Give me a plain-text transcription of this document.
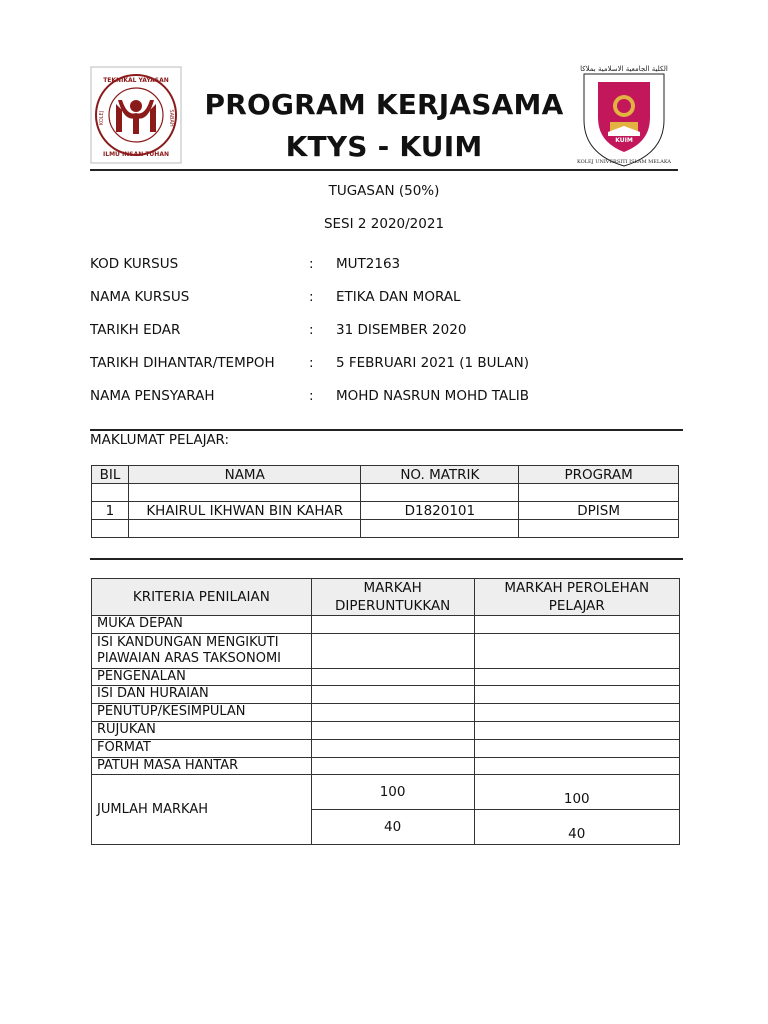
TEKNIKAL YAYASAN
ILMU INSAN TUHAN
KOLEJ	SABAH	PROGRAM KERJASAMA
KTYS - KUIM
الكلية الجامعية الاسلامية بملاكا
KUIM
KOLEJ UNIVERSITI ISLAM MELAKA
TUGASAN (50%)
SESI 2 2020/2021
KOD KURSUS	: MUT2163
NAMA KURSUS	: ETIKA DAN MORAL
TARIKH EDAR	: 31 DISEMBER 2020
TARIKH DIHANTAR/TEMPOH	: 5 FEBRUARI 2021 (1 BULAN)
NAMA PENSYARAH	: MOHD NASRUN MOHD TALIB
MAKLUMAT PELAJAR:
BIL	NAMA	NO. MATRIK	PROGRAM

1	KHAIRUL IKHWAN BIN KAHAR	D1820101	DPISM

KRITERIA PENILAIAN	MARKAH DIPERUNTUKKAN	MARKAH PEROLEHAN PELAJAR
MUKA DEPAN		
ISI KANDUNGAN MENGIKUTI PIAWAIAN ARAS TAKSONOMI		
PENGENALAN		
ISI DAN HURAIAN		
PENUTUP/KESIMPULAN		
RUJUKAN		
FORMAT		
PATUH MASA HANTAR		
JUMLAH MARKAH	100	100
	40	40
